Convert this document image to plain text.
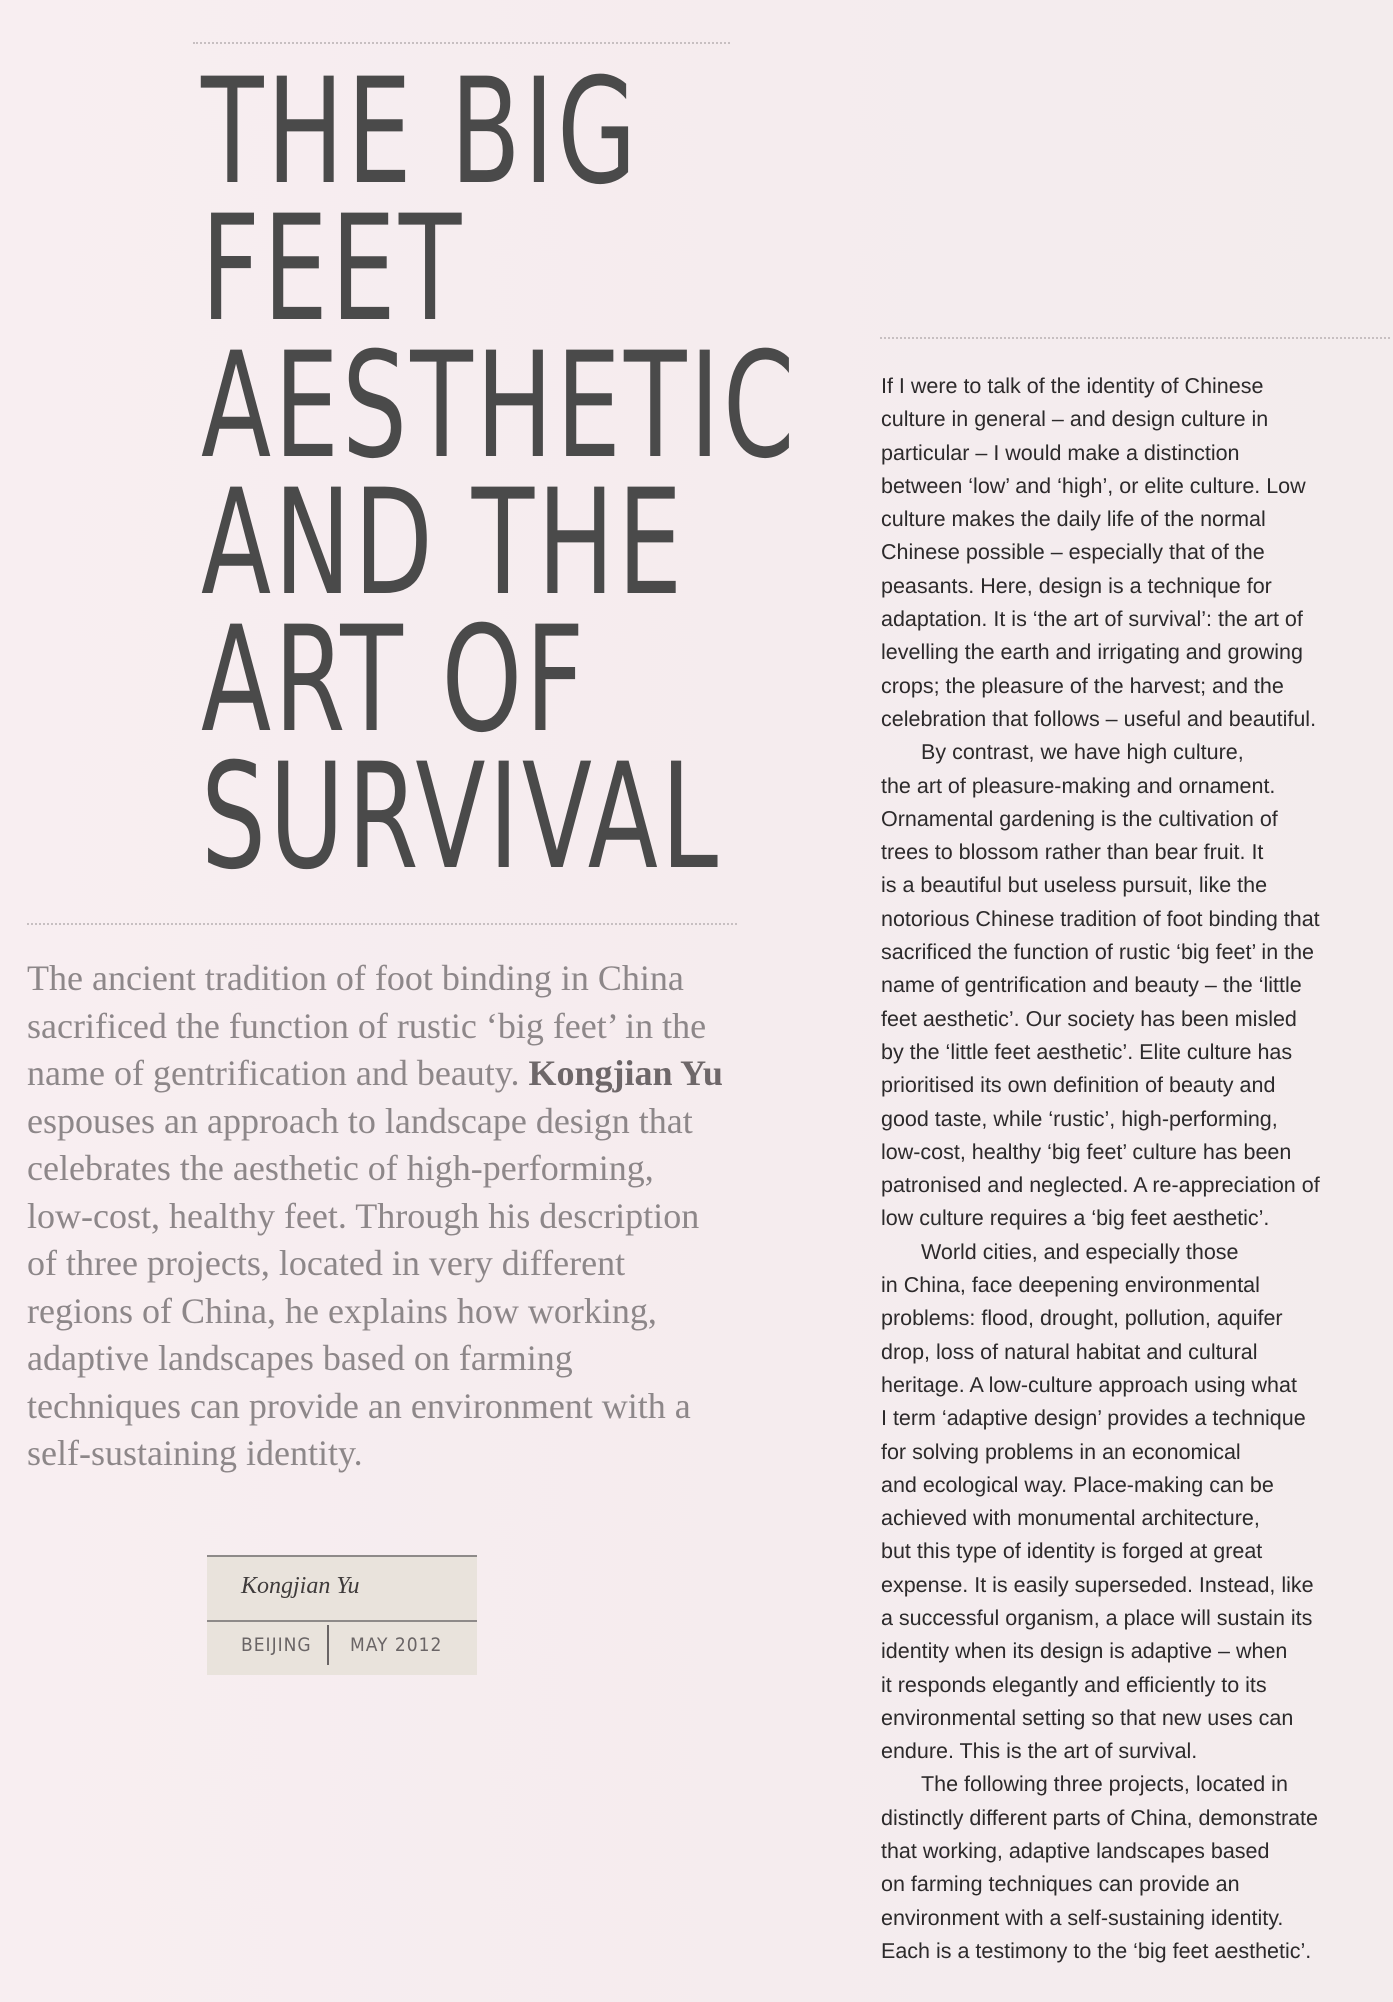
THE BIG
FEET
AESTHETIC
AND THE
ART OF
SURVIVAL
The ancient tradition of foot binding in China sacrificed the function of rustic ‘big feet’ in the name of gentrification and beauty. Kongjian Yu espouses an approach to landscape design that celebrates the aesthetic of high-performing, low-cost, healthy feet. Through his description of three projects, located in very different regions of China, he explains how working, adaptive landscapes based on farming techniques can provide an environment with a self-sustaining identity.
Kongjian Yu
BEIJING MAY 2012
If I were to talk of the identity of Chinese
culture in general – and design culture in
particular – I would make a distinction
between ‘low’ and ‘high’, or elite culture. Low
culture makes the daily life of the normal
Chinese possible – especially that of the
peasants. Here, design is a technique for
adaptation. It is ‘the art of survival’: the art of
levelling the earth and irrigating and growing
crops; the pleasure of the harvest; and the
celebration that follows – useful and beautiful.
By contrast, we have high culture,
the art of pleasure-making and ornament.
Ornamental gardening is the cultivation of
trees to blossom rather than bear fruit. It
is a beautiful but useless pursuit, like the
notorious Chinese tradition of foot binding that
sacrificed the function of rustic ‘big feet’ in the
name of gentrification and beauty – the ‘little
feet aesthetic’. Our society has been misled
by the ‘little feet aesthetic’. Elite culture has
prioritised its own definition of beauty and
good taste, while ‘rustic’, high-performing,
low-cost, healthy ‘big feet’ culture has been
patronised and neglected. A re-appreciation of
low culture requires a ‘big feet aesthetic’.
World cities, and especially those
in China, face deepening environmental
problems: flood, drought, pollution, aquifer
drop, loss of natural habitat and cultural
heritage. A low-culture approach using what
I term ‘adaptive design’ provides a technique
for solving problems in an economical
and ecological way. Place-making can be
achieved with monumental architecture,
but this type of identity is forged at great
expense. It is easily superseded. Instead, like
a successful organism, a place will sustain its
identity when its design is adaptive – when
it responds elegantly and efficiently to its
environmental setting so that new uses can
endure. This is the art of survival.
The following three projects, located in
distinctly different parts of China, demonstrate
that working, adaptive landscapes based
on farming techniques can provide an
environment with a self-sustaining identity.
Each is a testimony to the ‘big feet aesthetic’.
